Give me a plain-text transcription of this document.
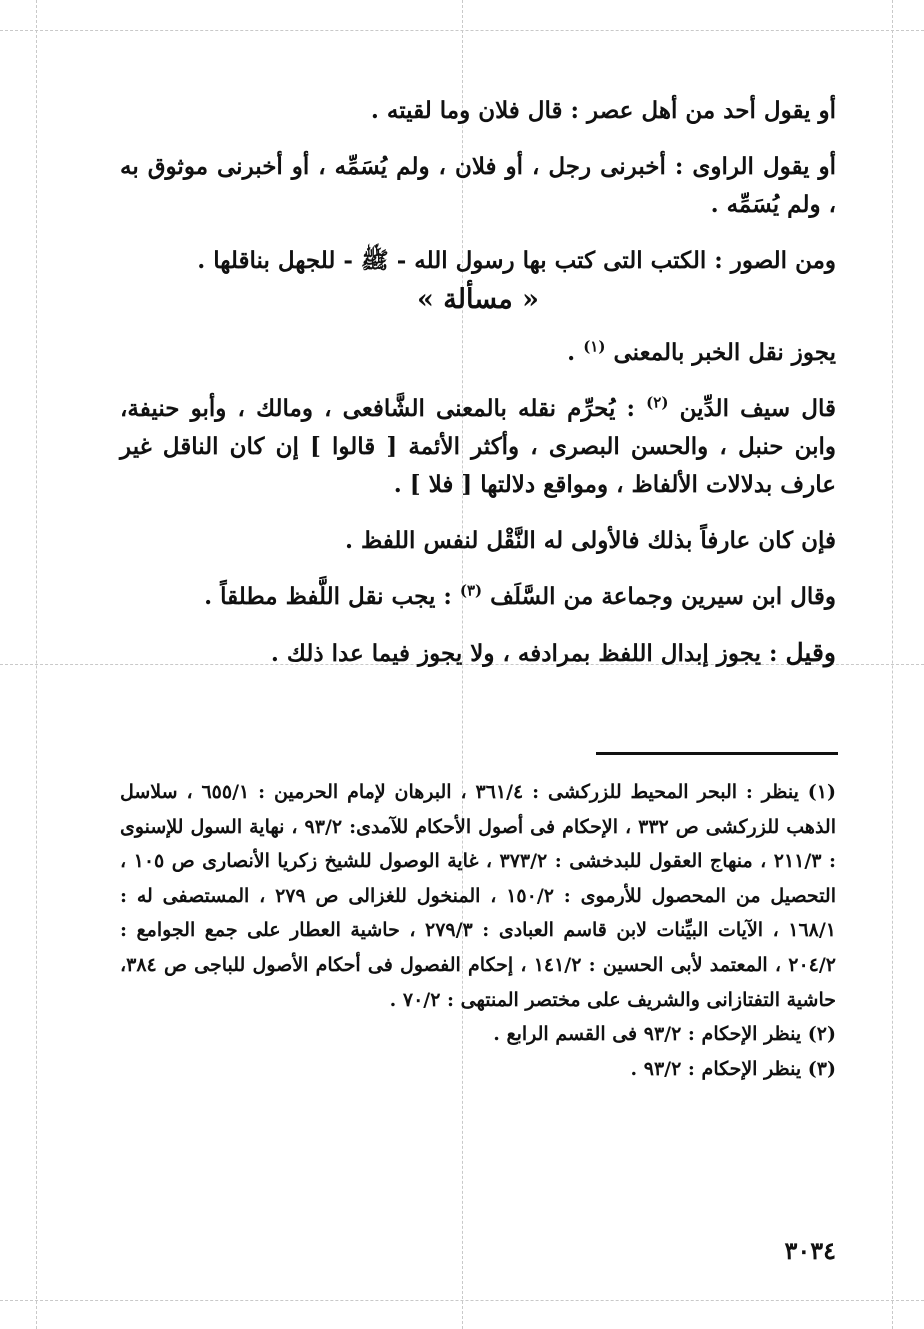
أو يقول أحد من أهل عصر : قال فلان وما لقيته .

أو يقول الراوى : أخبرنى رجل ، أو فلان ، ولم يُسَمِّه ، أو أخبرنى موثوق به ، ولم يُسَمِّه .

ومن الصور : الكتب التى كتب بها رسول الله - ﷺ - للجهل بناقلها .

« مسألة »

يجوز نقل الخبر بالمعنى $^{(١)}$ .

قال سيف الدِّين $^{(٢)}$ : يُحرِّم نقله بالمعنى الشَّافعى ، ومالك ، وأبو حنيفة، وابن حنبل ، والحسن البصرى ، وأكثر الأئمة [ قالوا ] إن كان الناقل غير عارف بدلالات الألفاظ ، ومواقع دلالتها [ فلا ] .

فإن كان عارفاً بذلك فالأولى له النَّقْل لنفس اللفظ .

وقال ابن سيرين وجماعة من السَّلَف $^{(٣)}$ : يجب نقل اللَّفظ مطلقاً .

وقيل : يجوز إبدال اللفظ بمرادفه ، ولا يجوز فيما عدا ذلك .

(١) ينظر : البحر المحيط للزركشى : ٣٦١/٤ ، البرهان لإمام الحرمين : ٦٥٥/١ ، سلاسل الذهب للزركشى ص ٣٣٢ ، الإحكام فى أصول الأحكام للآمدى: ٩٣/٢ ، نهاية السول للإسنوى : ٢١١/٣ ، منهاج العقول للبدخشى : ٣٧٣/٢ ، غاية الوصول للشيخ زكريا الأنصارى ص ١٠٥ ، التحصيل من المحصول للأرموى : ١٥٠/٢ ، المنخول للغزالى ص ٢٧٩ ، المستصفى له : ١٦٨/١ ، الآيات البيِّنات لابن قاسم العبادى : ٢٧٩/٣ ، حاشية العطار على جمع الجوامع : ٢٠٤/٢ ، المعتمد لأبى الحسين : ١٤١/٢ ، إحكام الفصول فى أحكام الأصول للباجى ص ٣٨٤، حاشية التفتازانى والشريف على مختصر المنتهى : ٧٠/٢ .

(٢) ينظر الإحكام : ٩٣/٢ فى القسم الرابع .

(٣) ينظر الإحكام : ٩٣/٢ .

٣٠٣٤
